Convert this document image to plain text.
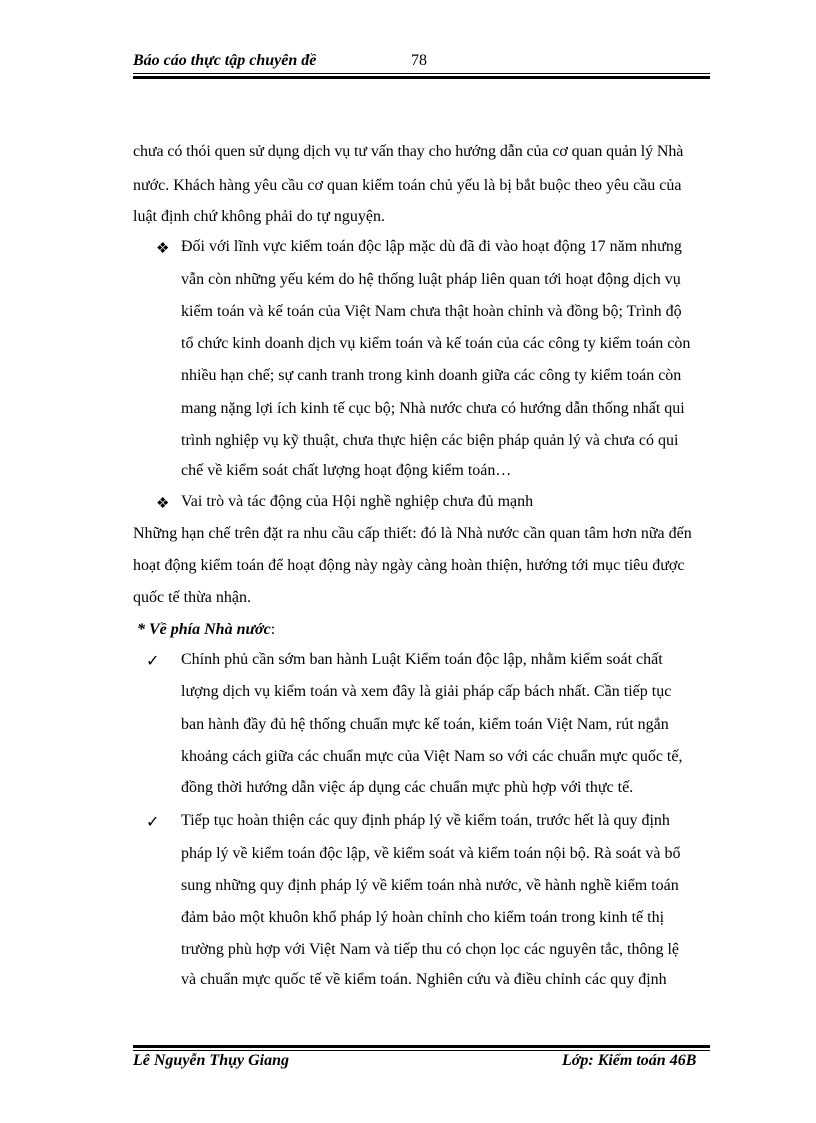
Báo cáo thực tập chuyên đề	78
chưa có thói quen sử dụng dịch vụ tư vấn thay cho hướng dẫn của cơ quan quản lý Nhà
nước. Khách hàng yêu cầu cơ quan kiểm toán chủ yếu là bị bắt buộc theo yêu cầu của
luật định chứ không phải do tự nguyện.
❖ Đối với lĩnh vực kiểm toán độc lập mặc dù đã đi vào hoạt động 17 năm nhưng
vẫn còn những yếu kém do hệ thống luật pháp liên quan tới hoạt động dịch vụ
kiểm toán và kế toán của Việt Nam chưa thật hoàn chỉnh và đồng bộ; Trình độ
tổ chức kinh doanh dịch vụ kiểm toán và kế toán của các công ty kiểm toán còn
nhiều hạn chế; sự canh tranh trong kinh doanh giữa các công ty kiểm toán còn
mang nặng lợi ích kinh tế cục bộ; Nhà nước chưa có hướng dẫn thống nhất qui
trình nghiệp vụ kỹ thuật, chưa thực hiện các biện pháp quản lý và chưa có qui
chế về kiểm soát chất lượng hoạt động kiểm toán…
❖ Vai trò và tác động của Hội nghề nghiệp chưa đủ mạnh
Những hạn chế trên đặt ra nhu cầu cấp thiết: đó là Nhà nước cần quan tâm hơn nữa đến
hoạt động kiểm toán để hoạt động này ngày càng hoàn thiện, hướng tới mục tiêu được
quốc tế thừa nhận.
* Về phía Nhà nước:
✓ Chính phủ cần sớm ban hành Luật Kiểm toán độc lập, nhằm kiểm soát chất
lượng dịch vụ kiểm toán và xem đây là giải pháp cấp bách nhất. Cần tiếp tục
ban hành đầy đủ hệ thống chuẩn mực kế toán, kiểm toán Việt Nam, rút ngắn
khoảng cách giữa các chuẩn mực của Việt Nam so với các chuẩn mực quốc tế,
đồng thời hướng dẫn việc áp dụng các chuẩn mực phù hợp với thực tế.
✓ Tiếp tục hoàn thiện các quy định pháp lý về kiểm toán, trước hết là quy định
pháp lý về kiểm toán độc lập, về kiểm soát và kiểm toán nội bộ. Rà soát và bổ
sung những quy định pháp lý về kiểm toán nhà nước, về hành nghề kiểm toán
đảm bảo một khuôn khổ pháp lý hoàn chỉnh cho kiểm toán trong kinh tế thị
trường phù hợp với Việt Nam và tiếp thu có chọn lọc các nguyên tắc, thông lệ
và chuẩn mực quốc tế về kiểm toán. Nghiên cứu và điều chỉnh các quy định
Lê Nguyễn Thụy Giang	Lớp: Kiểm toán 46B
